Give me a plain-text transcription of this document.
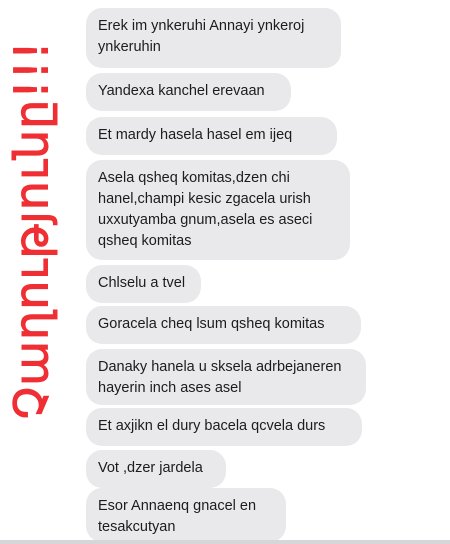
Չաղությունը!!!
Erek im ynkeruhi Annayi ynkeroj ynkeruhin
Yandexa kanchel erevaan
Et mardy hasela hasel em ijeq
Asela qsheq komitas,dzen chi hanel,champi kesic zgacela urish uxxutyamba gnum,asela es aseci qsheq komitas
Chlselu a tvel
Goracela cheq lsum qsheq komitas
Danaky hanela u sksela adrbejaneren hayerin inch ases asel
Et axjikn el dury bacela qcvela durs
Vot ,dzer jardela
Esor Annaenq gnacel en tesakcutyan
